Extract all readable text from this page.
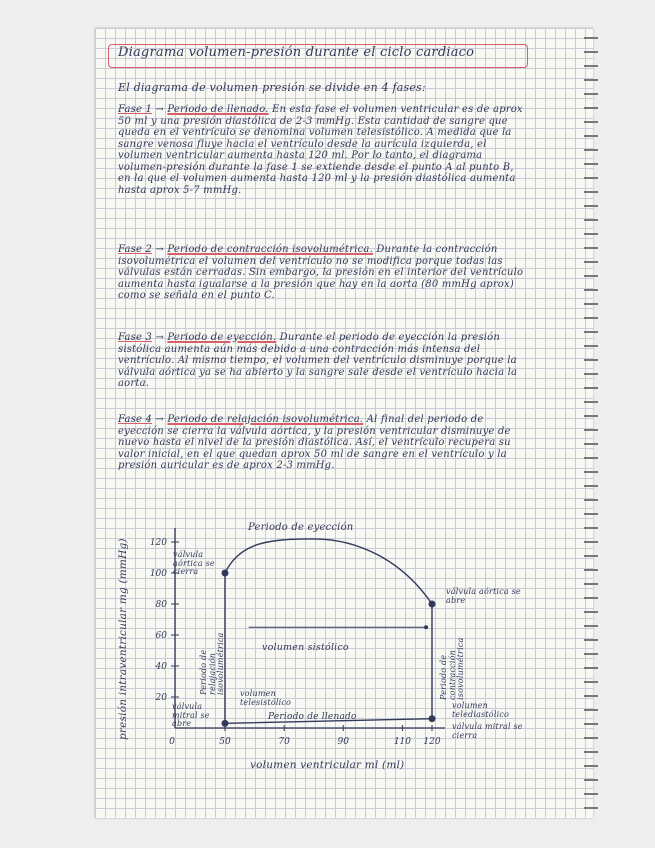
Diagrama volumen-presión durante el ciclo cardiaco
El diagrama de volumen presión se divide en 4 fases:
Fase 1 → Periodo de llenado. En esta fase el volumen ventricular es de aprox 50 ml y una presión diastólica de 2-3 mmHg. Esta cantidad de sangre que queda en el ventrículo se denomina volumen telesistólico. A medida que la sangre venosa fluye hacia el ventrículo desde la aurícula izquierda, el volumen ventricular aumenta hasta 120 ml. Por lo tanto, el diagrama volumen-presión durante la fase 1 se extiende desde el punto A al punto B, en la que el volumen aumenta hasta 120 ml y la presión diastólica aumenta hasta aprox 5-7 mmHg.
Fase 2 → Periodo de contracción isovolumétrica. Durante la contracción isovolumétrica el volumen del ventrículo no se modifica porque todas las válvulas están cerradas. Sin embargo, la presión en el interior del ventrículo aumenta hasta igualarse a la presión que hay en la aorta (80 mmHg aprox) como se señala en el punto C.
Fase 3 → Periodo de eyección. Durante el periodo de eyección la presión sistólica aumenta aún más debido a una contracción más intensa del ventrículo. Al mismo tiempo, el volumen del ventrículo disminuye porque la válvula aórtica ya se ha abierto y la sangre sale desde el ventrículo hacia la aorta.
Fase 4 → Periodo de relajación isovolumétrica. Al final del periodo de eyección se cierra la válvula aórtica, y la presión ventricular disminuye de nuevo hasta el nivel de la presión diastólica. Así, el ventrículo recupera su valor inicial, en el que quedan aprox 50 ml de sangre en el ventrículo y la presión auricular es de aprox 2-3 mmHg.
20
40
60
80
100
120
50	70	90	110 120
0
Periodo de eyección
válvula aórtica se cierra
válvula aórtica se abre
volumen sistólico
Periodo de relajación isovolumétrica	Periodo de contracción isovolumétrica
válvula mitral se abre
volumen telesistólico
Periodo de llenado
volumen telediastólico
válvula mitral se cierra
volumen ventricular ml (ml)
presión intraventricular mg (mmHg)
